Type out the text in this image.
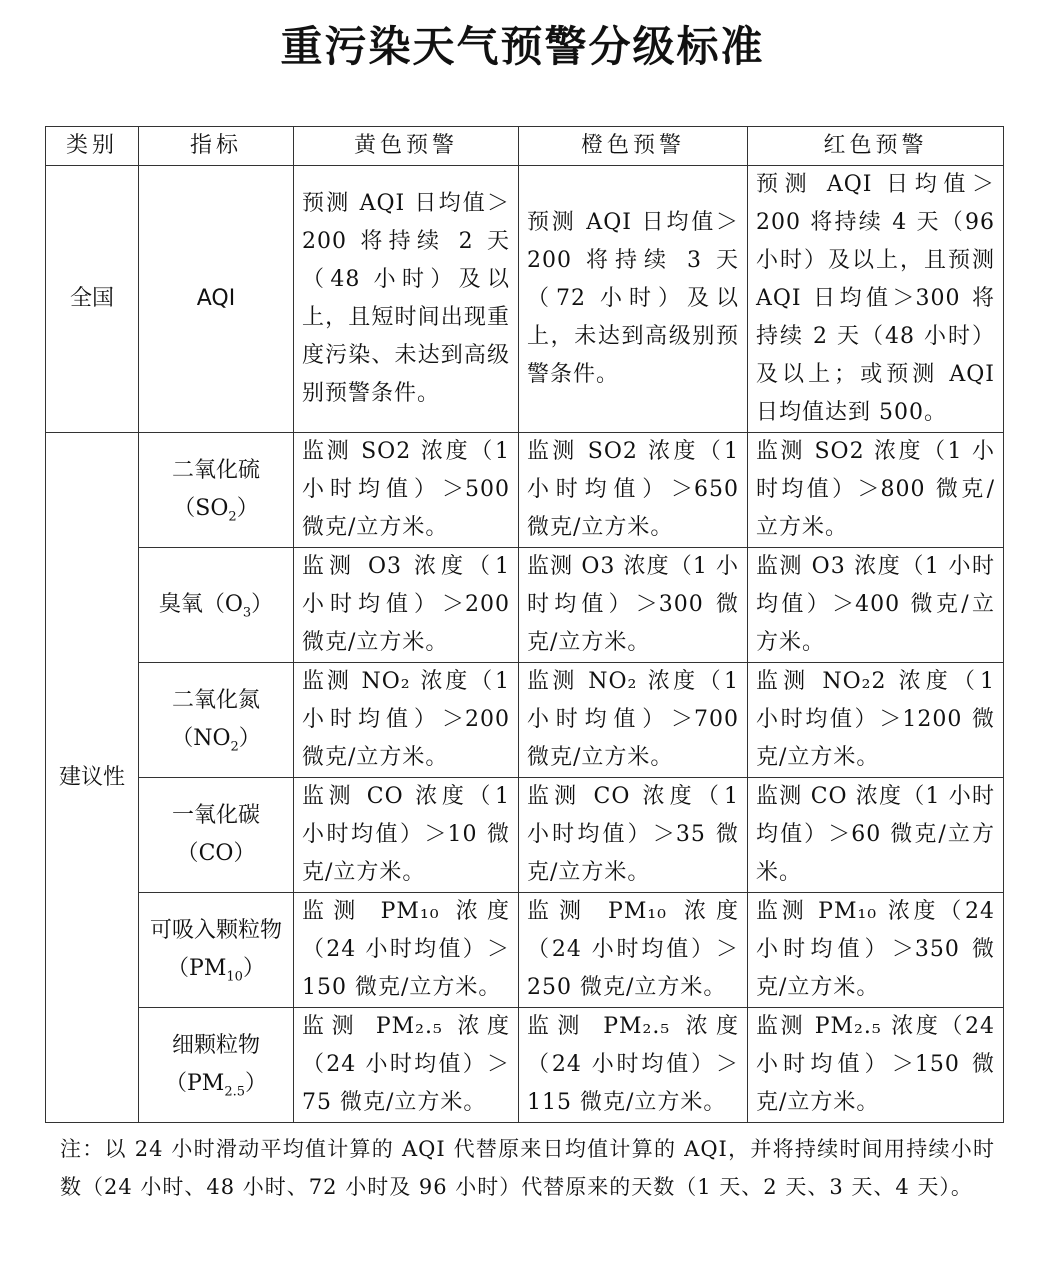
重污染天气预警分级标准
类别	指标	黄色预警	橙色预警	红色预警
全国	AQI	预测 AQI 日均值＞200 将持续 2 天（48 小时）及以上，且短时间出现重度污染、未达到高级别预警条件。	预测 AQI 日均值＞200 将持续 3 天（72 小时）及以上，未达到高级别预警条件。	预测 AQI 日均值＞200 将持续 4 天（96 小时）及以上，且预测 AQI 日均值＞300 将持续 2 天（48 小时）及以上；或预测 AQI 日均值达到 500。
建议性	二氧化硫$(SO_2)$	监测 SO2 浓度（1 小时均值）＞500 微克/立方米。	监测 SO2 浓度（1 小时均值）＞650 微克/立方米。	监测 SO2 浓度（1 小时均值）＞800 微克/立方米。
	臭氧$(O_3)$	监测 O3 浓度（1 小时均值）＞200 微克/立方米。	监测 O3 浓度（1 小时均值）＞300 微克/立方米。	监测 O3 浓度（1 小时均值）＞400 微克/立方米。
	二氧化氮$(NO_2)$	监测 NO₂ 浓度（1 小时均值）＞200 微克/立方米。	监测 NO₂ 浓度（1 小时均值）＞700 微克/立方米。	监测 NO₂2 浓度（1 小时均值）＞1200 微克/立方米。
	一氧化碳（CO）	监测 CO 浓度（1 小时均值）＞10 微克/立方米。	监测 CO 浓度（1 小时均值）＞35 微克/立方米。	监测 CO 浓度（1 小时均值）＞60 微克/立方米。
	可吸入颗粒物$(PM_{10})$	监测 PM₁₀ 浓度（24 小时均值）＞150 微克/立方米。	监测 PM₁₀ 浓度（24 小时均值）＞250 微克/立方米。	监测 PM₁₀ 浓度（24 小时均值）＞350 微克/立方米。
	细颗粒物$(PM_{2.5})$	监测 PM₂.₅ 浓度（24 小时均值）＞75 微克/立方米。	监测 PM₂.₅ 浓度（24 小时均值）＞115 微克/立方米。	监测 PM₂.₅ 浓度（24 小时均值）＞150 微克/立方米。

注：以 24 小时滑动平均值计算的 AQI 代替原来日均值计算的 AQI，并将持续时间用持续小时数（24 小时、48 小时、72 小时及 96 小时）代替原来的天数（1 天、2 天、3 天、4 天）。
